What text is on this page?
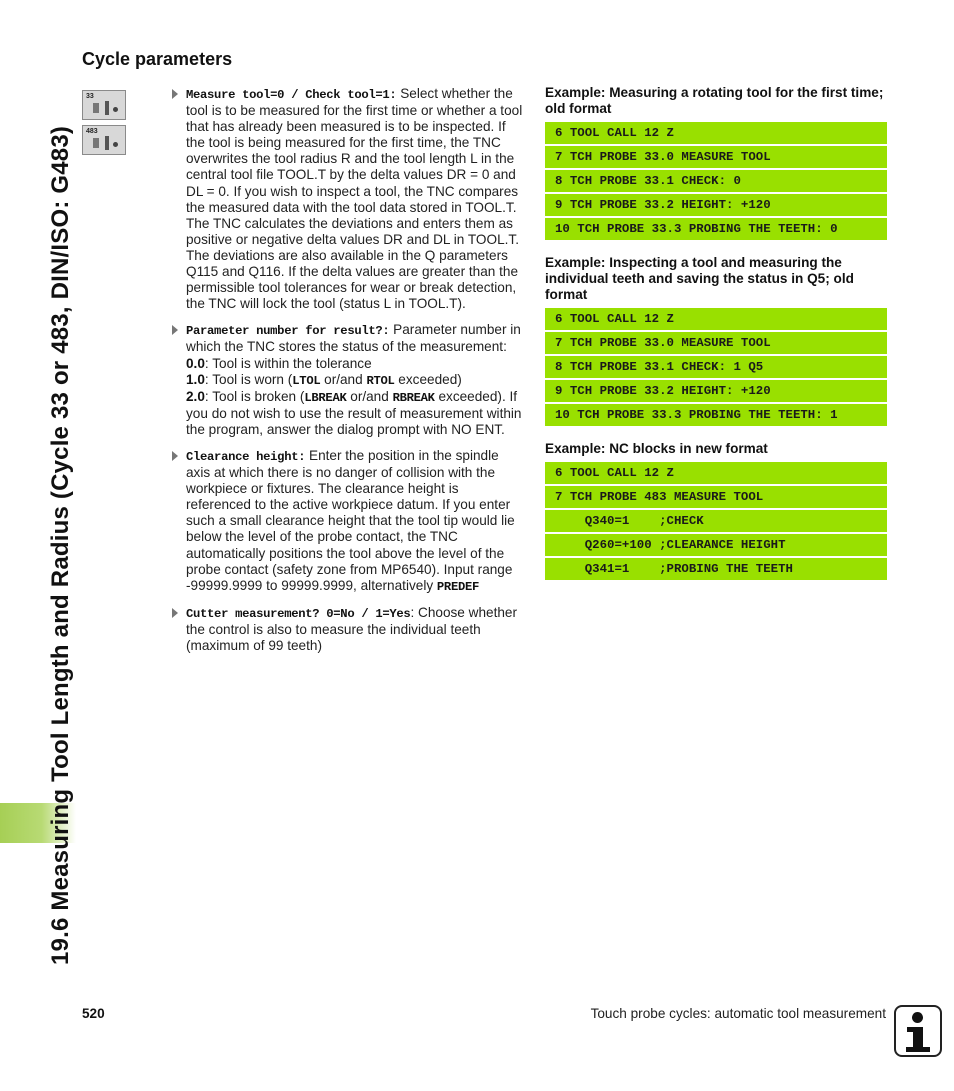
19.6 Measuring Tool Length and Radius (Cycle 33 or 483, DIN/ISO: G483)
Cycle parameters
33
483
Measure tool=0 / Check tool=1: Select whether the tool is to be measured for the first time or whether a tool that has already been measured is to be inspected. If the tool is being measured for the first time, the TNC overwrites the tool radius R and the tool length L in the central tool file TOOL.T by the delta values DR = 0 and DL = 0. If you wish to inspect a tool, the TNC compares the measured data with the tool data stored in TOOL.T. The TNC calculates the deviations and enters them as positive or negative delta values DR and DL in TOOL.T. The deviations are also available in the Q parameters Q115 and Q116. If the delta values are greater than the permissible tool tolerances for wear or break detection, the TNC will lock the tool (status L in TOOL.T).
Parameter number for result?: Parameter number in which the TNC stores the status of the measurement:
0.0: Tool is within the tolerance
1.0: Tool is worn (LTOL or/and RTOL exceeded)
2.0: Tool is broken (LBREAK or/and RBREAK exceeded). If you do not wish to use the result of measurement within the program, answer the dialog prompt with NO ENT.
Clearance height: Enter the position in the spindle axis at which there is no danger of collision with the workpiece or fixtures. The clearance height is referenced to the active workpiece datum. If you enter such a small clearance height that the tool tip would lie below the level of the probe contact, the TNC automatically positions the tool above the level of the probe contact (safety zone from MP6540). Input range -99999.9999 to 99999.9999, alternatively PREDEF
Cutter measurement? 0=No / 1=Yes: Choose whether the control is also to measure the individual teeth (maximum of 99 teeth)
Example: Measuring a rotating tool for the first time; old format
6 TOOL CALL 12 Z
7 TCH PROBE 33.0 MEASURE TOOL
8 TCH PROBE 33.1 CHECK: 0
9 TCH PROBE 33.2 HEIGHT: +120
10 TCH PROBE 33.3 PROBING THE TEETH: 0
Example: Inspecting a tool and measuring the individual teeth and saving the status in Q5; old format
6 TOOL CALL 12 Z
7 TCH PROBE 33.0 MEASURE TOOL
8 TCH PROBE 33.1 CHECK: 1 Q5
9 TCH PROBE 33.2 HEIGHT: +120
10 TCH PROBE 33.3 PROBING THE TEETH: 1
Example: NC blocks in new format
6 TOOL CALL 12 Z
7 TCH PROBE 483 MEASURE TOOL
Q340=1    ;CHECK
Q260=+100 ;CLEARANCE HEIGHT
Q341=1    ;PROBING THE TEETH
520	Touch probe cycles: automatic tool measurement
